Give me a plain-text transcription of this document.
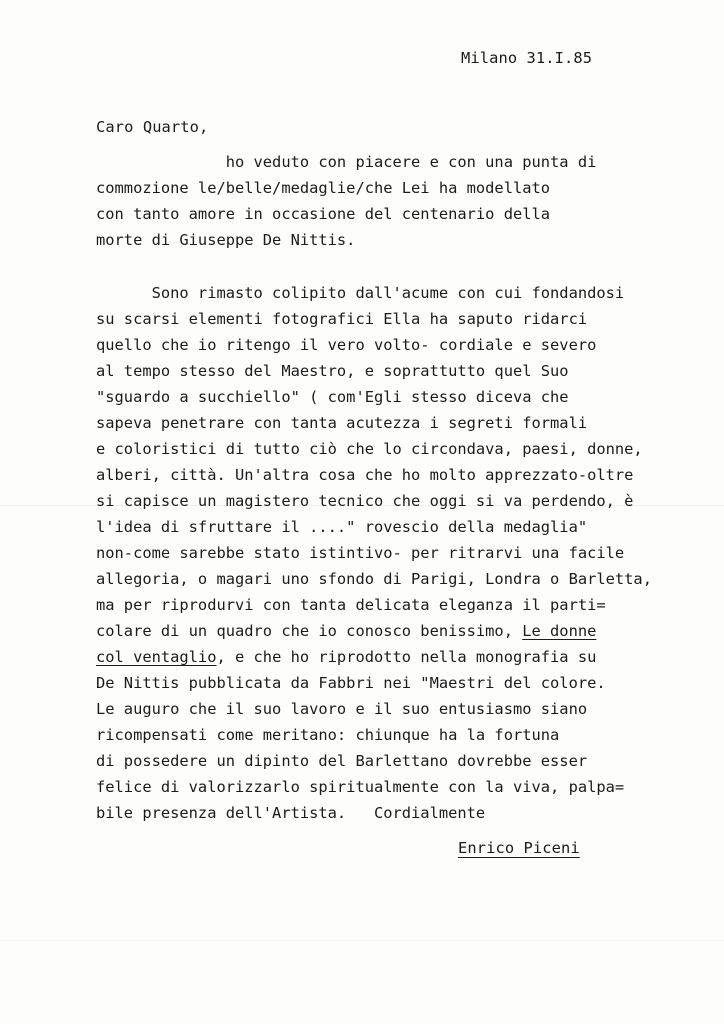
Milano 31.I.85
Caro Quarto,
ho veduto con piacere e con una punta di
commozione le/belle/medaglie/che Lei ha modellato
con tanto amore in occasione del centenario della
morte di Giuseppe De Nittis.
Sono rimasto colipito dall'acume con cui fondandosi
su scarsi elementi fotografici Ella ha saputo ridarci
quello che io ritengo il vero volto- cordiale e severo
al tempo stesso del Maestro, e soprattutto quel Suo
"sguardo a succhiello" ( com'Egli stesso diceva che
sapeva penetrare con tanta acutezza i segreti formali
e coloristici di tutto ciò che lo circondava, paesi, donne,
alberi, città. Un'altra cosa che ho molto apprezzato-oltre
si capisce un magistero tecnico che oggi si va perdendo, è
l'idea di sfruttare il ...." rovescio della medaglia"
non-come sarebbe stato istintivo- per ritrarvi una facile
allegoria, o magari uno sfondo di Parigi, Londra o Barletta,
ma per riprodurvi con tanta delicata eleganza il parti=
colare di un quadro che io conosco benissimo, Le donne
col ventaglio, e che ho riprodotto nella monografia su
De Nittis pubblicata da Fabbri nei "Maestri del colore.
Le auguro che il suo lavoro e il suo entusiasmo siano
ricompensati come meritano: chiunque ha la fortuna
di possedere un dipinto del Barlettano dovrebbe esser
felice di valorizzarlo spiritualmente con la viva, palpa=
bile presenza dell'Artista.   Cordialmente
Enrico Piceni
